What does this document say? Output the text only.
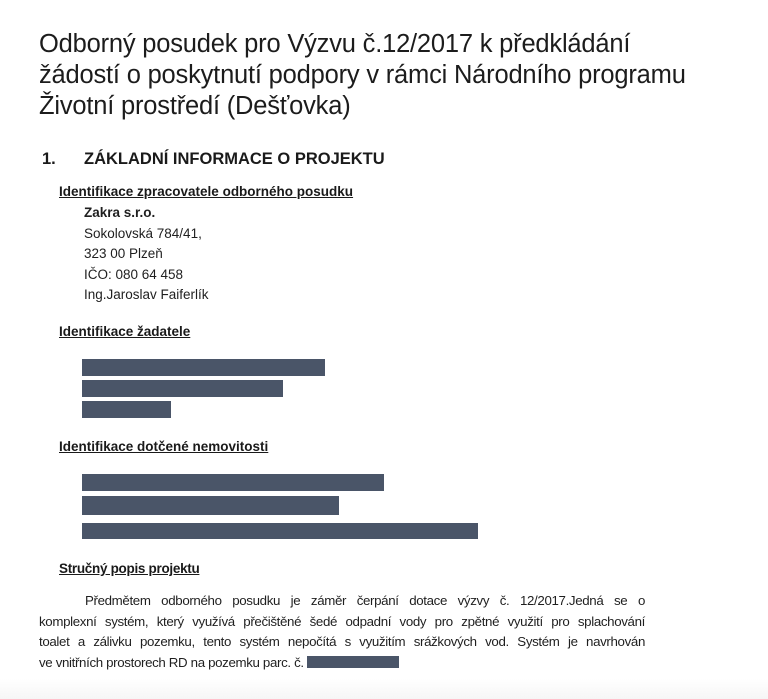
Odborný posudek pro Výzvu č.12/2017 k předkládání
žádostí o poskytnutí podpory v rámci Národního programu
Životní prostředí (Dešťovka)
1. ZÁKLADNÍ INFORMACE O PROJEKTU
Identifikace zpracovatele odborného posudku
Zakra s.r.o.
Sokolovská 784/41,
323 00 Plzeň
IČO: 080 64 458
Ing.Jaroslav Faiferlík
Identifikace žadatele
Identifikace dotčené nemovitosti
Stručný popis projektu
Předmětem odborného posudku je záměr čerpání dotace výzvy č. 12/2017.Jedná se o
komplexní systém, který využívá přečištěné šedé odpadní vody pro zpětné využití pro splachování
toalet a zálivku pozemku, tento systém nepočítá s využitím srážkových vod. Systém je navrhován
ve vnitřních prostorech RD na pozemku parc. č.
